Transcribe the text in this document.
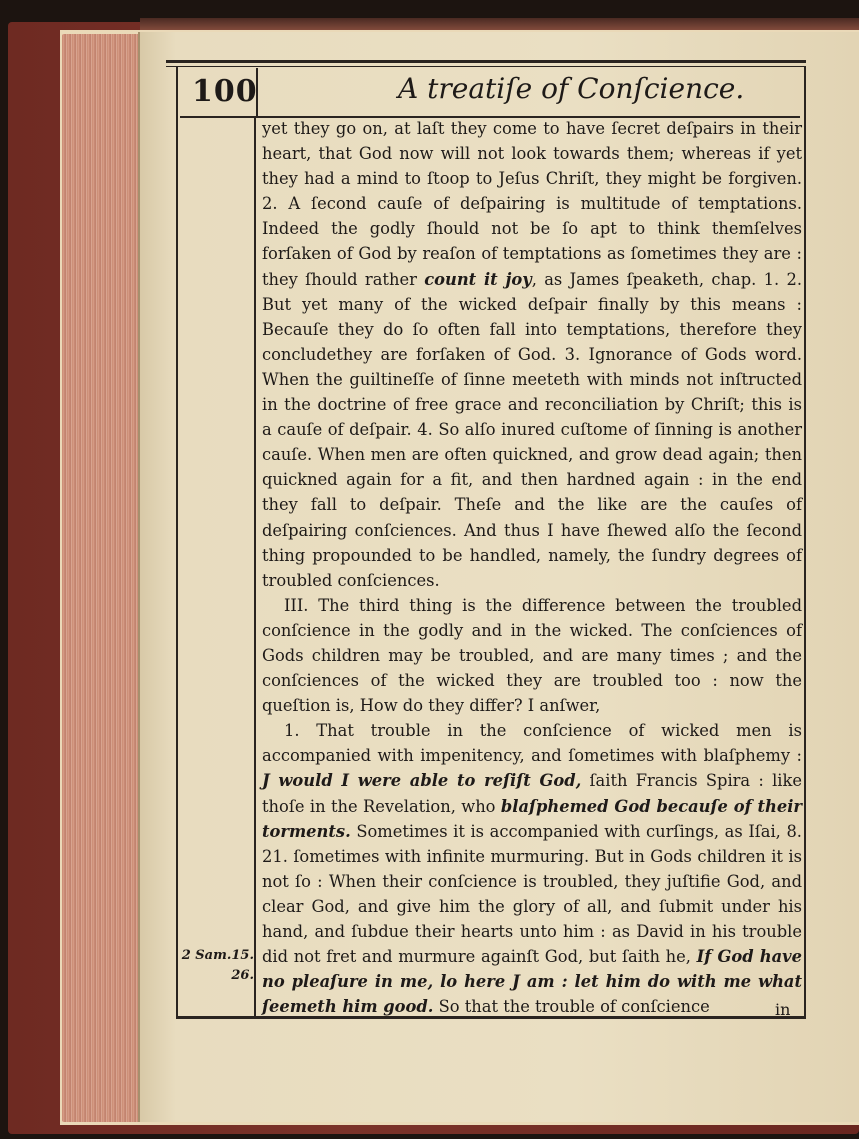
100	A treatiſe of Conſcience.

yet they go on, at laſt they come to have ſecret deſpairs in their heart, that God now will not look towards them; whereas if yet they had a mind to ſtoop to Jeſus Chriſt, they might be forgiven. 2. A ſecond cauſe of deſpairing is multitude of temptations. Indeed the godly ſhould not be ſo apt to think themſelves forſaken of God by reaſon of temptations as ſometimes they are : they ſhould rather count it joy, as James ſpeaketh, chap. 1. 2. But yet many of the wicked deſpair finally by this means : Becauſe they do ſo often fall into temptations, therefore they concludethey are forſaken of God. 3. Ignorance of Gods word. When the guiltineſſe of ſinne meeteth with minds not inſtructed in the doctrine of free grace and reconciliation by Chriſt; this is a cauſe of deſpair. 4. So alſo inured cuſtome of ſinning is another cauſe. When men are often quickned, and grow dead again; then quickned again for a fit, and then hardned again : in the end they fall to deſpair. Theſe and the like are the cauſes of deſpairing conſciences. And thus I have ſhewed alſo the ſecond thing propounded to be handled, namely, the ſundry degrees of troubled conſciences.

III. The third thing is the difference between the troubled conſcience in the godly and in the wicked. The conſciences of Gods children may be troubled, and are many times ; and the conſciences of the wicked they are troubled too : now the queſtion is, How do they differ? I anſwer,

1. That trouble in the conſcience of wicked men is accompanied with impenitency, and ſometimes with blaſphemy : J would I were able to reſiſt God, ſaith Francis Spira : like thoſe in the Revelation, who blaſphemed God becauſe of their torments. Sometimes it is accompanied with curſings, as Iſai, 8. 21. ſometimes with infinite murmuring. But in Gods children it is not ſo : When their conſcience is troubled, they juſtifie God, and clear God, and give him the glory of all, and ſubmit under his hand, and ſubdue their hearts unto him : as David in his trouble did not fret and murmure againſt God, but ſaith he, If God have no pleaſure in me, lo here J am : let him do with me what ſeemeth him good. So that the trouble of conſcience

2 Sam.15.
26.
in
